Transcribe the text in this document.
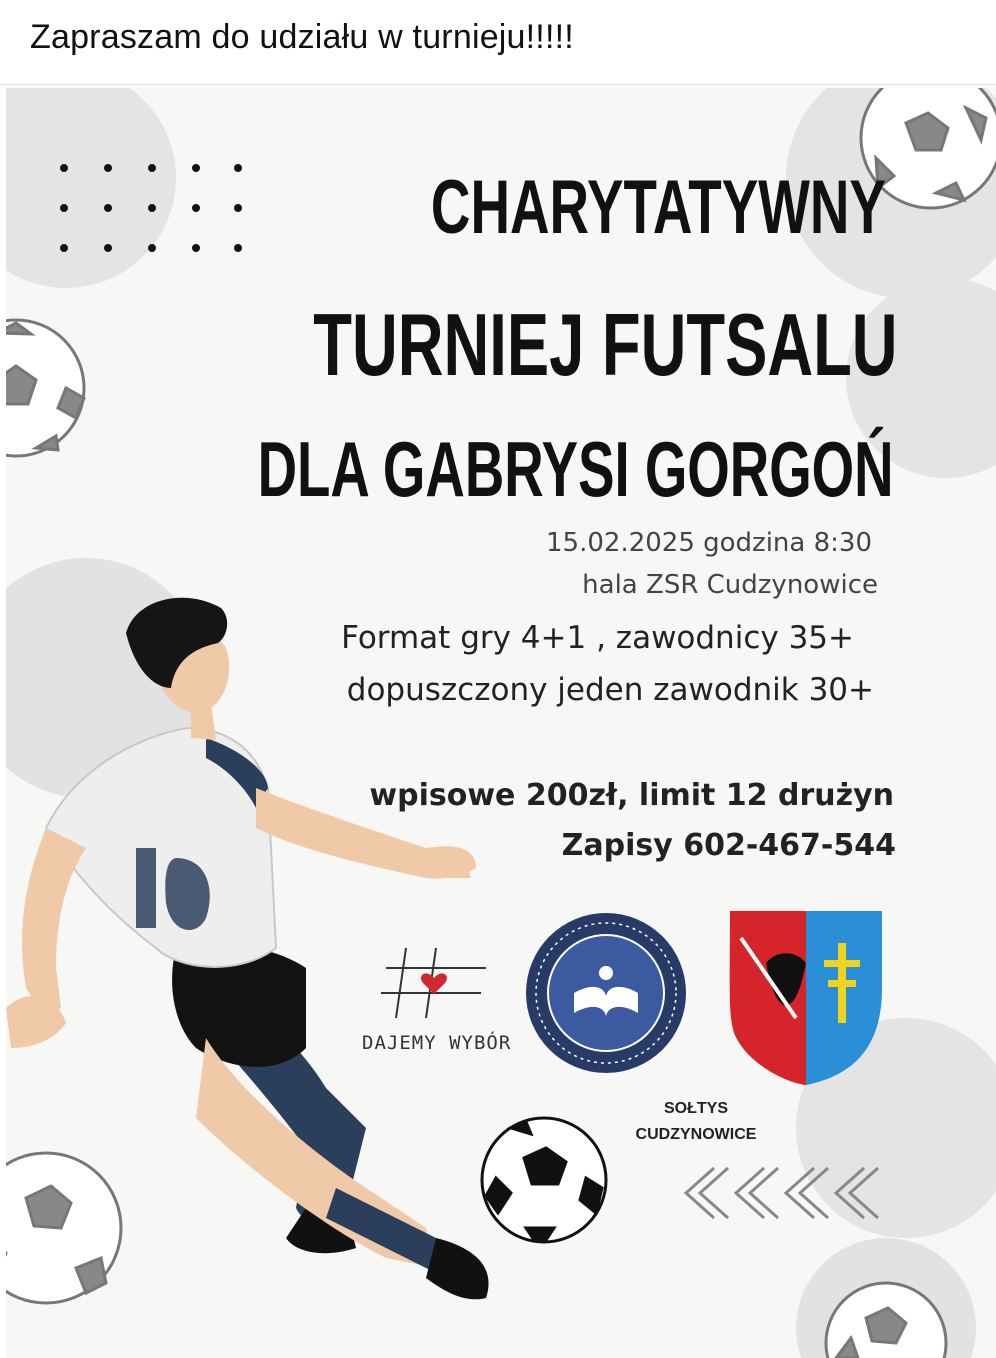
Zapraszam do udziału w turnieju!!!!!
CHARYTATYWNY
TURNIEJ FUTSALU
DLA GABRYSI GORGOŃ
15.02.2025 godzina 8:30
hala ZSR Cudzynowice
Format gry 4+1 , zawodnicy 35+
dopuszczony jeden zawodnik 30+
wpisowe 200zł, limit 12 drużyn
Zapisy 602-467-544
DAJEMY WYBÓR
SOŁTYS
CUDZYNOWICE
